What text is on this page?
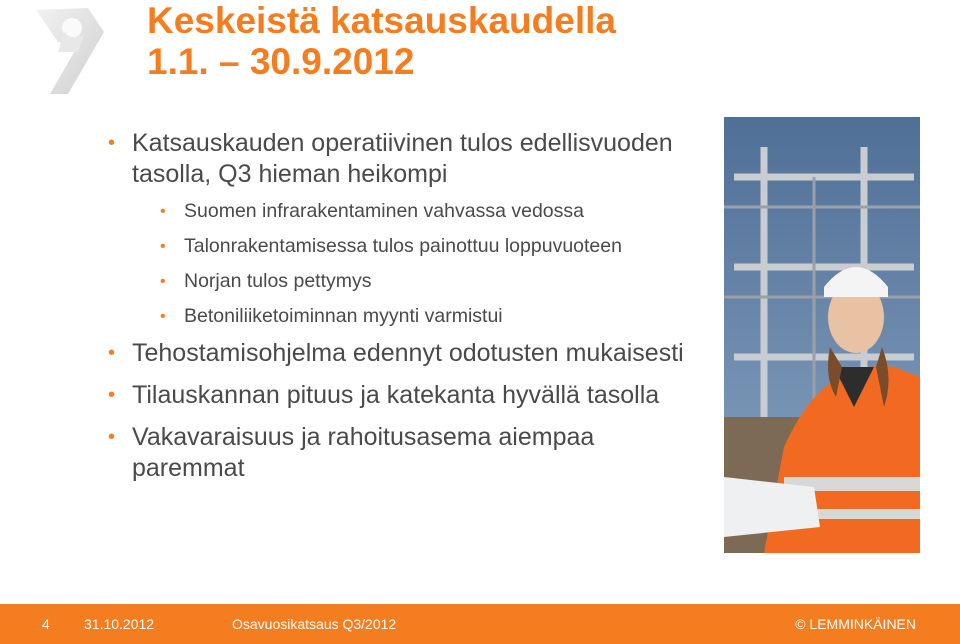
Keskeistä katsauskaudella
1.1. – 30.9.2012
• Katsauskauden operatiivinen tulos edellisvuoden tasolla, Q3 hieman heikompi
• Suomen infrarakentaminen vahvassa vedossa
• Talonrakentamisessa tulos painottuu loppuvuoteen
• Norjan tulos pettymys
• Betoniliiketoiminnan myynti varmistui
• Tehostamisohjelma edennyt odotusten mukaisesti
• Tilauskannan pituus ja katekanta hyvällä tasolla
• Vakavaraisuus ja rahoitusasema aiempaa paremmat
4 31.10.2012	Osavuosikatsaus Q3/2012	© LEMMINKÄINEN
